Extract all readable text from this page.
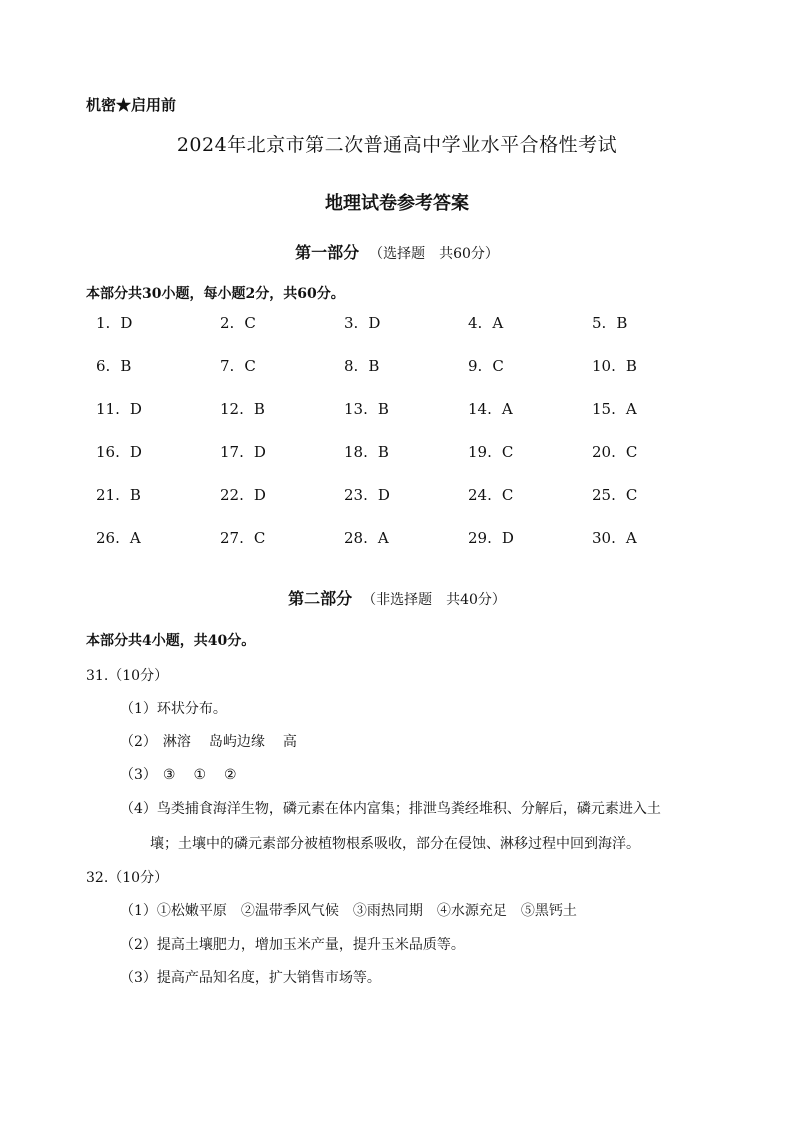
机密★启用前
2024年北京市第二次普通高中学业水平合格性考试
地理试卷参考答案
第一部分 （选择题　共60分）
本部分共30小题，每小题2分，共60分。
1. D	2. C	3. D	4. A	5. B
6. B	7. C	8. B	9. C	10. B
11. D	12. B	13. B	14. A	15. A
16. D	17. D	18. B	19. C	20. C
21. B	22. D	23. D	24. C	25. C
26. A	27. C	28. A	29. D	30. A
第二部分 （非选择题　共40分）
本部分共4小题，共40分。
31.（10分）
（1）环状分布。
（2） 淋溶 岛屿边缘 高
（3） ③ ① ②
（4）鸟类捕食海洋生物，磷元素在体内富集；排泄鸟粪经堆积、分解后，磷元素进入土
壤；土壤中的磷元素部分被植物根系吸收，部分在侵蚀、淋移过程中回到海洋。
32.（10分）
（1）①松嫩平原　②温带季风气候　③雨热同期　④水源充足　⑤黑钙土
（2）提高土壤肥力，增加玉米产量，提升玉米品质等。
（3）提高产品知名度，扩大销售市场等。
